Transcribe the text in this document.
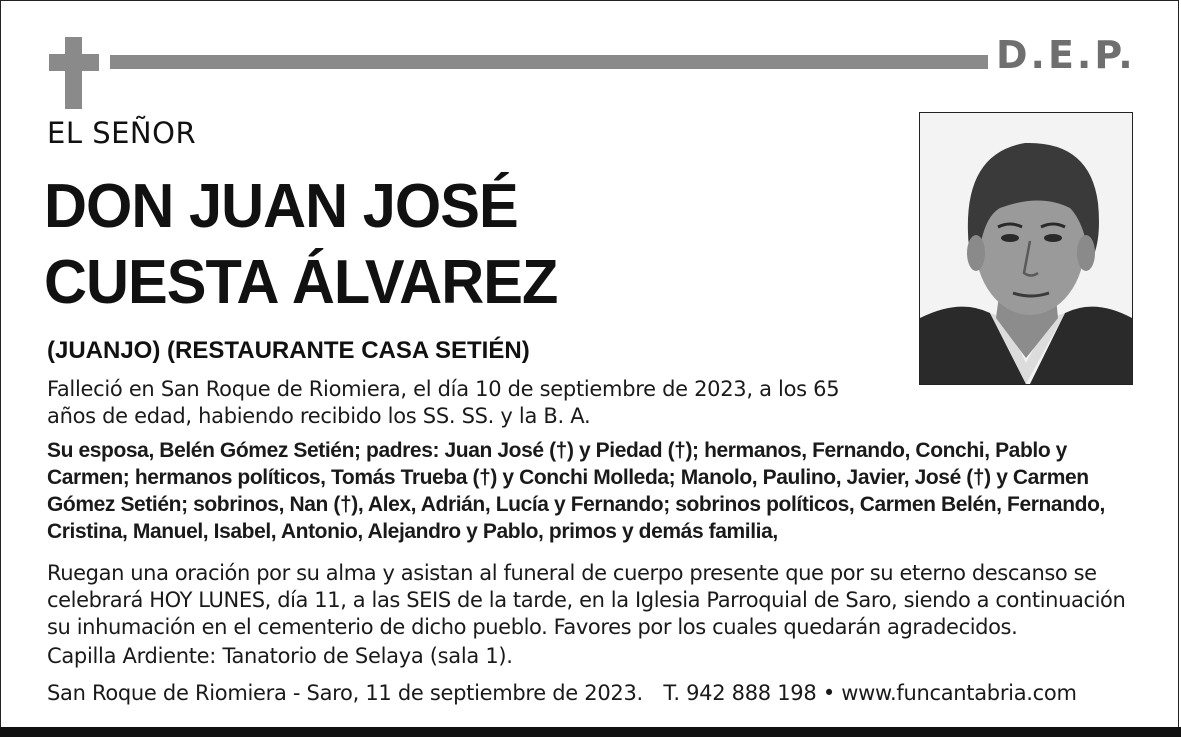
D.E.P.
EL SEÑOR
DON JUAN JOSÉ
CUESTA ÁLVAREZ
(JUANJO) (RESTAURANTE CASA SETIÉN)
Falleció en San Roque de Riomiera, el día 10 de septiembre de 2023, a los 65 años de edad, habiendo recibido los SS. SS. y la B. A.
Su esposa, Belén Gómez Setién; padres: Juan José (†) y Piedad (†); hermanos, Fernando, Conchi, Pablo y Carmen; hermanos políticos, Tomás Trueba (†) y Conchi Molleda; Manolo, Paulino, Javier, José (†) y Carmen Gómez Setién; sobrinos, Nan (†), Alex, Adrián, Lucía y Fernando; sobrinos políticos, Carmen Belén, Fernando, Cristina, Manuel, Isabel, Antonio, Alejandro y Pablo, primos y demás familia,
Ruegan una oración por su alma y asistan al funeral de cuerpo presente que por su eterno descanso se celebrará HOY LUNES, día 11, a las SEIS de la tarde, en la Iglesia Parroquial de Saro, siendo a continuación su inhumación en el cementerio de dicho pueblo. Favores por los cuales quedarán agradecidos.
Capilla Ardiente: Tanatorio de Selaya (sala 1).
San Roque de Riomiera - Saro, 11 de septiembre de 2023. T. 942 888 198 • www.funcantabria.com
